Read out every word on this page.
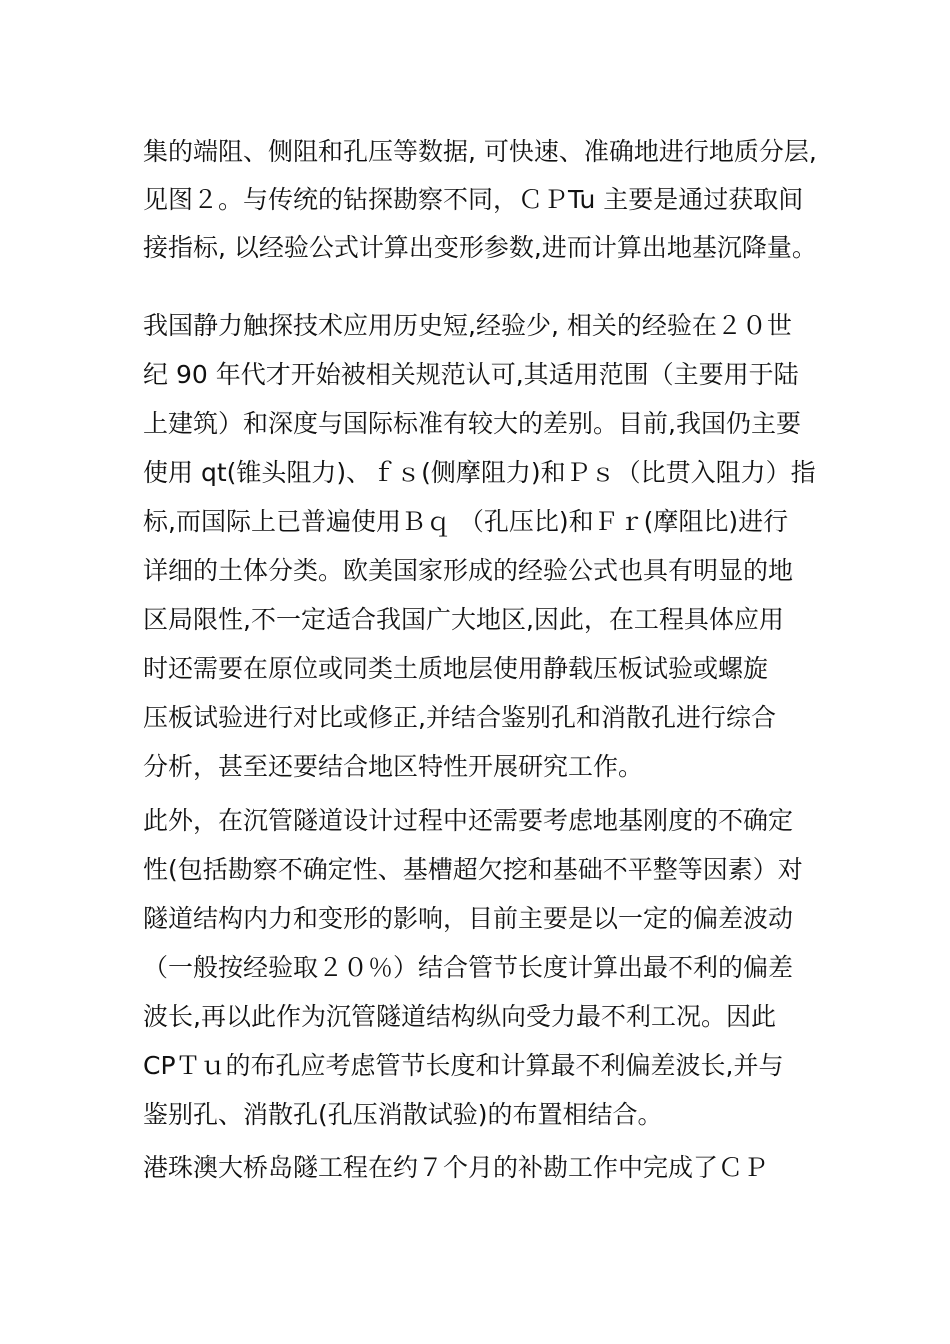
集的端阻、侧阻和孔压等数据, 可快速、准确地进行地质分层,
见图２。与传统的钻探勘察不同，ＣＰTu 主要是通过获取间
接指标, 以经验公式计算出变形参数,进而计算出地基沉降量。
我国静力触探技术应用历史短,经验少, 相关的经验在２０世
纪 90 年代才开始被相关规范认可,其适用范围（主要用于陆
上建筑）和深度与国际标准有较大的差别。目前,我国仍主要
使用 qt(锥头阻力)、ｆｓ(侧摩阻力)和Ｐｓ（比贯入阻力）指
标,而国际上已普遍使用Ｂｑ （孔压比)和Ｆｒ(摩阻比)进行
详细的土体分类。欧美国家形成的经验公式也具有明显的地
区局限性,不一定适合我国广大地区,因此，在工程具体应用
时还需要在原位或同类土质地层使用静载压板试验或螺旋
压板试验进行对比或修正,并结合鉴别孔和消散孔进行综合
分析，甚至还要结合地区特性开展研究工作。
此外，在沉管隧道设计过程中还需要考虑地基刚度的不确定
性(包括勘察不确定性、基槽超欠挖和基础不平整等因素）对
隧道结构内力和变形的影响，目前主要是以一定的偏差波动
（一般按经验取２０％）结合管节长度计算出最不利的偏差
波长,再以此作为沉管隧道结构纵向受力最不利工况。因此
CPＴｕ的布孔应考虑管节长度和计算最不利偏差波长,并与
鉴别孔、消散孔(孔压消散试验)的布置相结合。
港珠澳大桥岛隧工程在约７个月的补勘工作中完成了ＣＰ
